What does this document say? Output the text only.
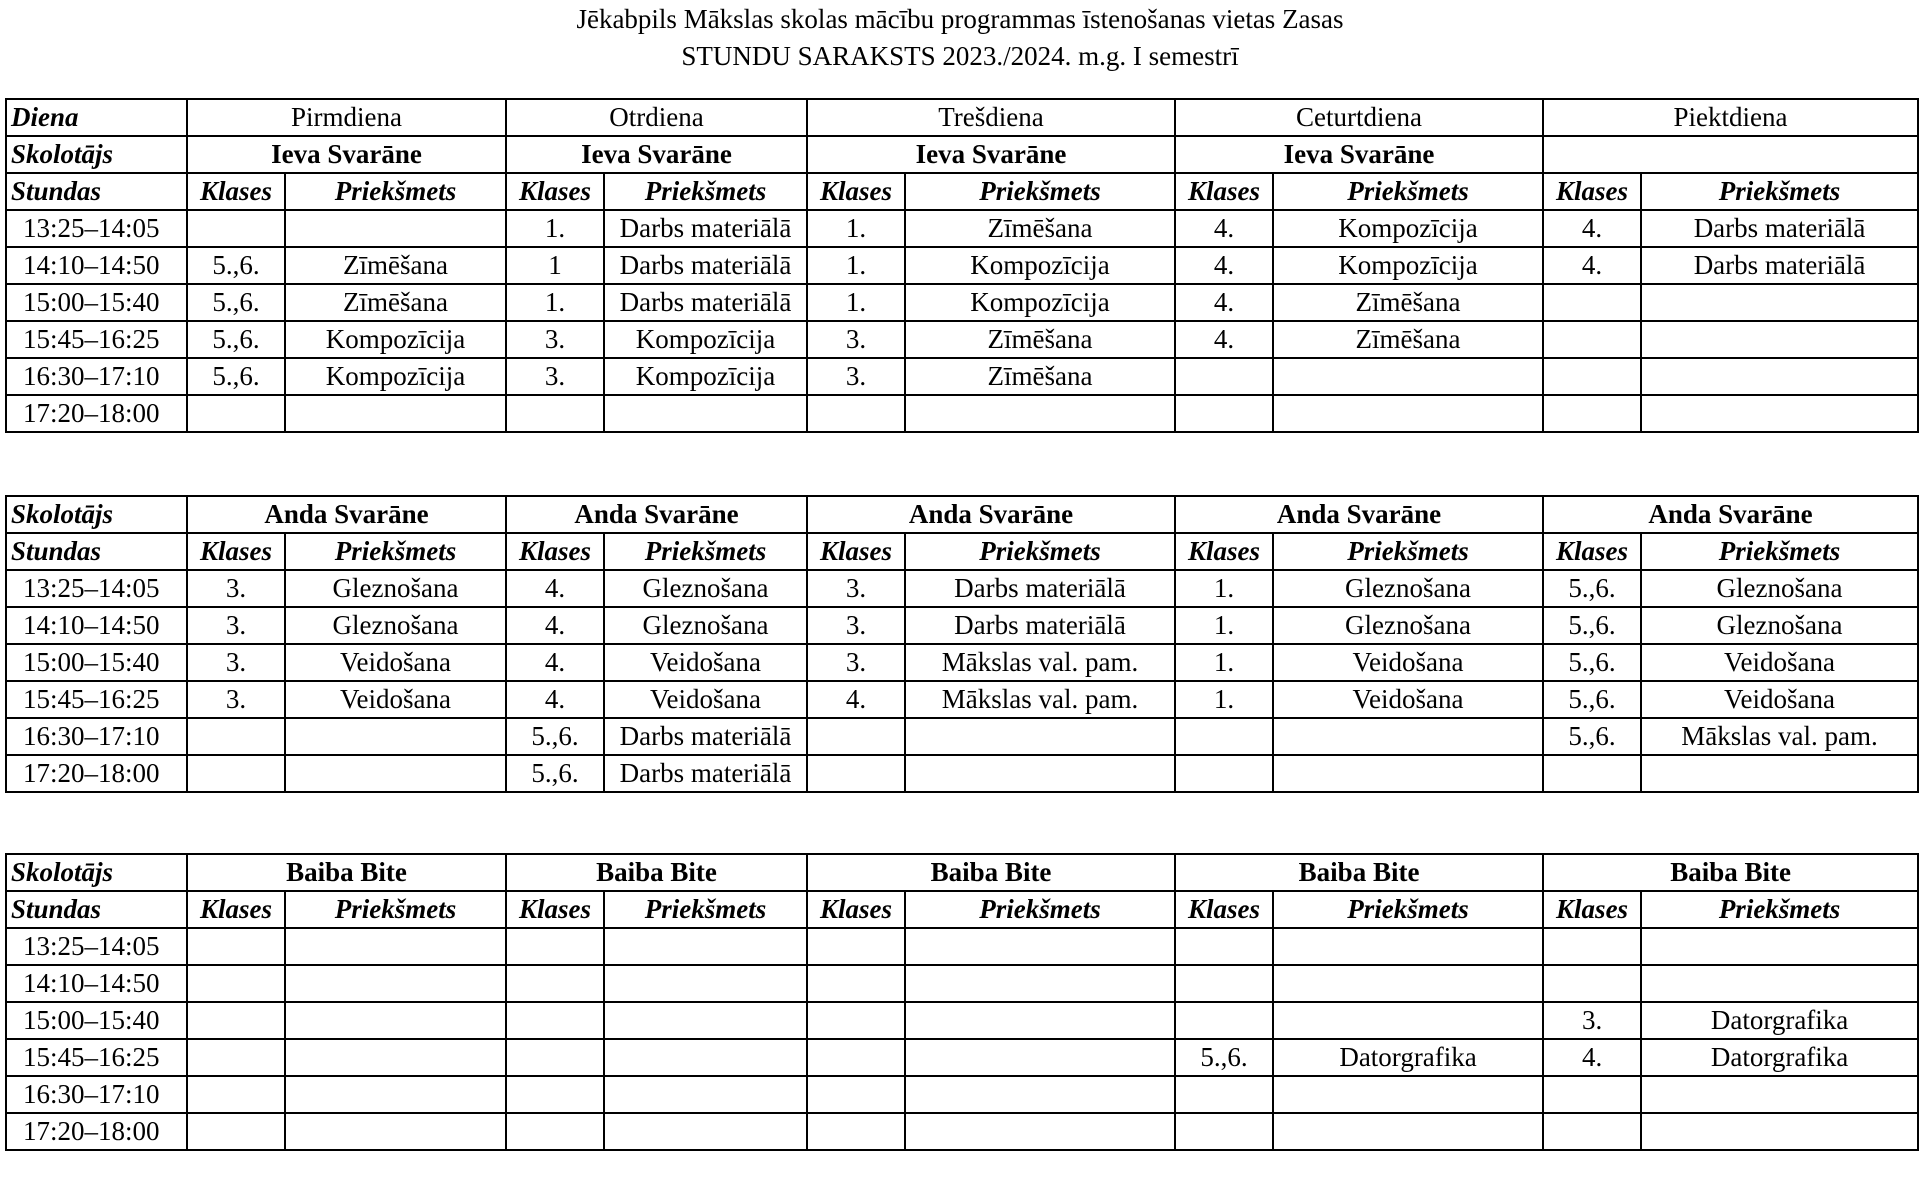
Jēkabpils Mākslas skolas mācību programmas īstenošanas vietas Zasas
STUNDU SARAKSTS 2023./2024. m.g. I semestrī
Diena	Pirmdiena		Otrdiena		Trešdiena		Ceturtdiena		Piektdiena	
Skolotājs	Ieva Svarāne		Ieva Svarāne		Ieva Svarāne		Ieva Svarāne			
Stundas	Klases	Priekšmets	Klases	Priekšmets	Klases	Priekšmets	Klases	Priekšmets	Klases	Priekšmets
13:25–14:05			1.	Darbs materiālā	1.	Zīmēšana	4.	Kompozīcija	4.	Darbs materiālā
14:10–14:50	5.,6.	Zīmēšana	1	Darbs materiālā	1.	Kompozīcija	4.	Kompozīcija	4.	Darbs materiālā
15:00–15:40	5.,6.	Zīmēšana	1.	Darbs materiālā	1.	Kompozīcija	4.	Zīmēšana		
15:45–16:25	5.,6.	Kompozīcija	3.	Kompozīcija	3.	Zīmēšana	4.	Zīmēšana		
16:30–17:10	5.,6.	Kompozīcija	3.	Kompozīcija	3.	Zīmēšana				
17:20–18:00										
Skolotājs	Anda Svarāne		Anda Svarāne		Anda Svarāne		Anda Svarāne		Anda Svarāne	
Stundas	Klases	Priekšmets	Klases	Priekšmets	Klases	Priekšmets	Klases	Priekšmets	Klases	Priekšmets
13:25–14:05	3.	Gleznošana	4.	Gleznošana	3.	Darbs materiālā	1.	Gleznošana	5.,6.	Gleznošana
14:10–14:50	3.	Gleznošana	4.	Gleznošana	3.	Darbs materiālā	1.	Gleznošana	5.,6.	Gleznošana
15:00–15:40	3.	Veidošana	4.	Veidošana	3.	Mākslas val. pam.	1.	Veidošana	5.,6.	Veidošana
15:45–16:25	3.	Veidošana	4.	Veidošana	4.	Mākslas val. pam.	1.	Veidošana	5.,6.	Veidošana
16:30–17:10			5.,6.	Darbs materiālā					5.,6.	Mākslas val. pam.
17:20–18:00			5.,6.	Darbs materiālā						
Skolotājs	Baiba Bite		Baiba Bite		Baiba Bite		Baiba Bite		Baiba Bite	
Stundas	Klases	Priekšmets	Klases	Priekšmets	Klases	Priekšmets	Klases	Priekšmets	Klases	Priekšmets
13:25–14:05										
14:10–14:50										
15:00–15:40									3.	Datorgrafika
15:45–16:25							5.,6.	Datorgrafika	4.	Datorgrafika
16:30–17:10										
17:20–18:00										
